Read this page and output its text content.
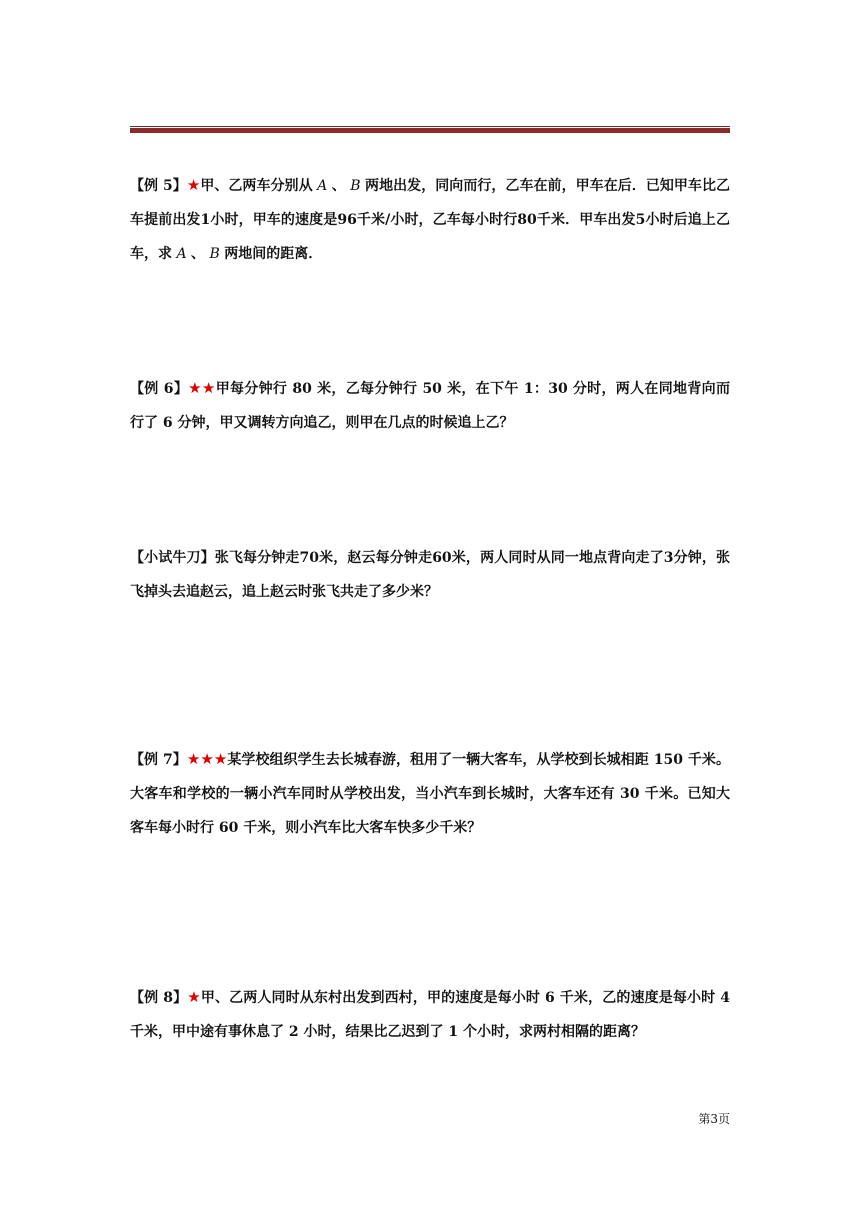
【例 5】★甲、乙两车分别从 A 、 B 两地出发，同向而行，乙车在前，甲车在后．已知甲车比乙车提前出发1小时，甲车的速度是96千米/小时，乙车每小时行80千米．甲车出发5小时后追上乙车，求 A 、 B 两地间的距离．
【例 6】★★甲每分钟行 80 米，乙每分钟行 50 米，在下午 1：30 分时，两人在同地背向而行了 6 分钟，甲又调转方向追乙，则甲在几点的时候追上乙？
【小试牛刀】张飞每分钟走70米，赵云每分钟走60米，两人同时从同一地点背向走了3分钟，张飞掉头去追赵云，追上赵云时张飞共走了多少米？
【例 7】★★★某学校组织学生去长城春游，租用了一辆大客车，从学校到长城相距 150 千米。大客车和学校的一辆小汽车同时从学校出发，当小汽车到长城时，大客车还有 30 千米。已知大客车每小时行 60 千米，则小汽车比大客车快多少千米？
【例 8】★甲、乙两人同时从东村出发到西村，甲的速度是每小时 6 千米，乙的速度是每小时 4 千米，甲中途有事休息了 2 小时，结果比乙迟到了 1 个小时，求两村相隔的距离？
第3页
